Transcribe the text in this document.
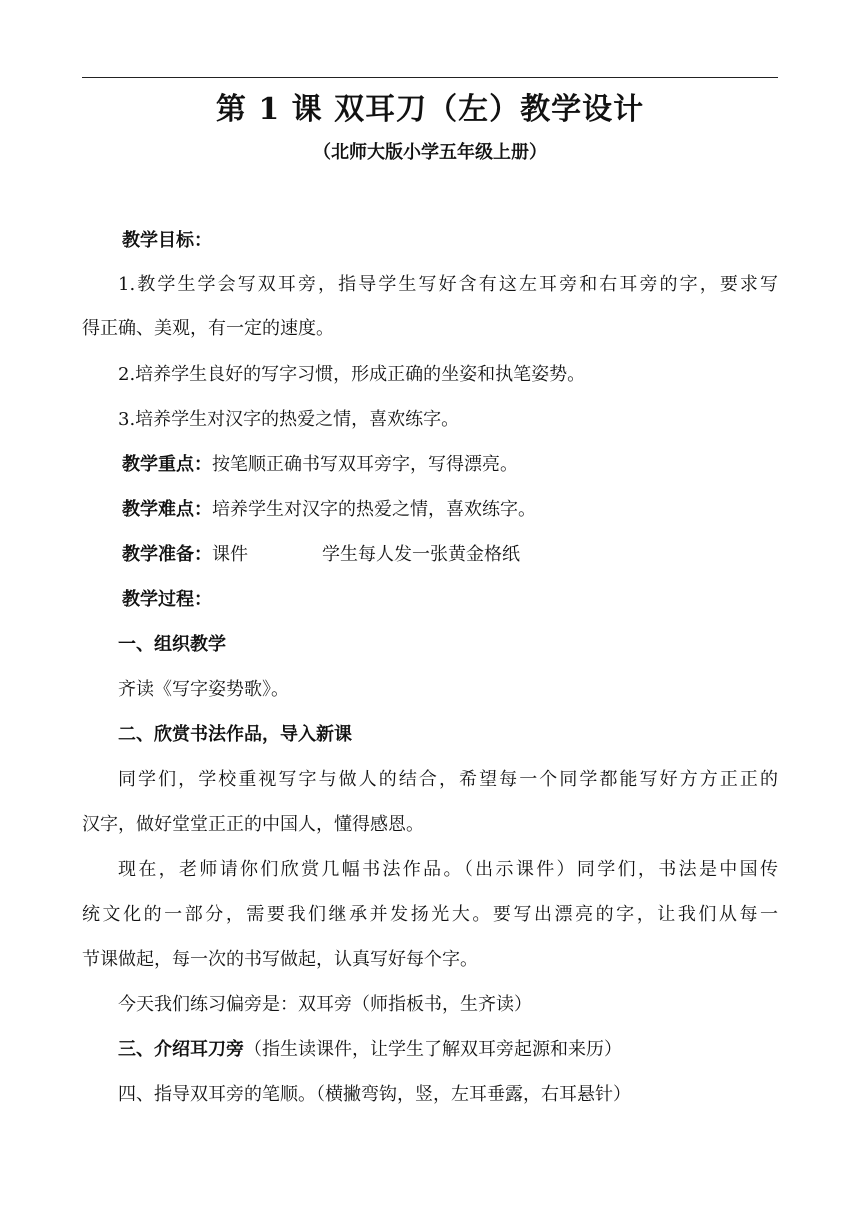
第 1 课 双耳刀（左）教学设计
（北师大版小学五年级上册）
教学目标：
1.教学生学会写双耳旁，指导学生写好含有这左耳旁和右耳旁的字，要求写
得正确、美观，有一定的速度。
2.培养学生良好的写字习惯，形成正确的坐姿和执笔姿势。
3.培养学生对汉字的热爱之情，喜欢练字。
教学重点：按笔顺正确书写双耳旁字，写得漂亮。
教学难点：培养学生对汉字的热爱之情，喜欢练字。
教学准备：课件	学生每人发一张黄金格纸
教学过程：
一、组织教学
齐读《写字姿势歌》。
二、欣赏书法作品，导入新课
同学们，学校重视写字与做人的结合，希望每一个同学都能写好方方正正的
汉字，做好堂堂正正的中国人，懂得感恩。
现在，老师请你们欣赏几幅书法作品。（出示课件）同学们，书法是中国传
统文化的一部分，需要我们继承并发扬光大。要写出漂亮的字，让我们从每一
节课做起，每一次的书写做起，认真写好每个字。
今天我们练习偏旁是：双耳旁（师指板书，生齐读）
三、介绍耳刀旁（指生读课件，让学生了解双耳旁起源和来历）
四、指导双耳旁的笔顺。（横撇弯钩，竖，左耳垂露，右耳悬针）
